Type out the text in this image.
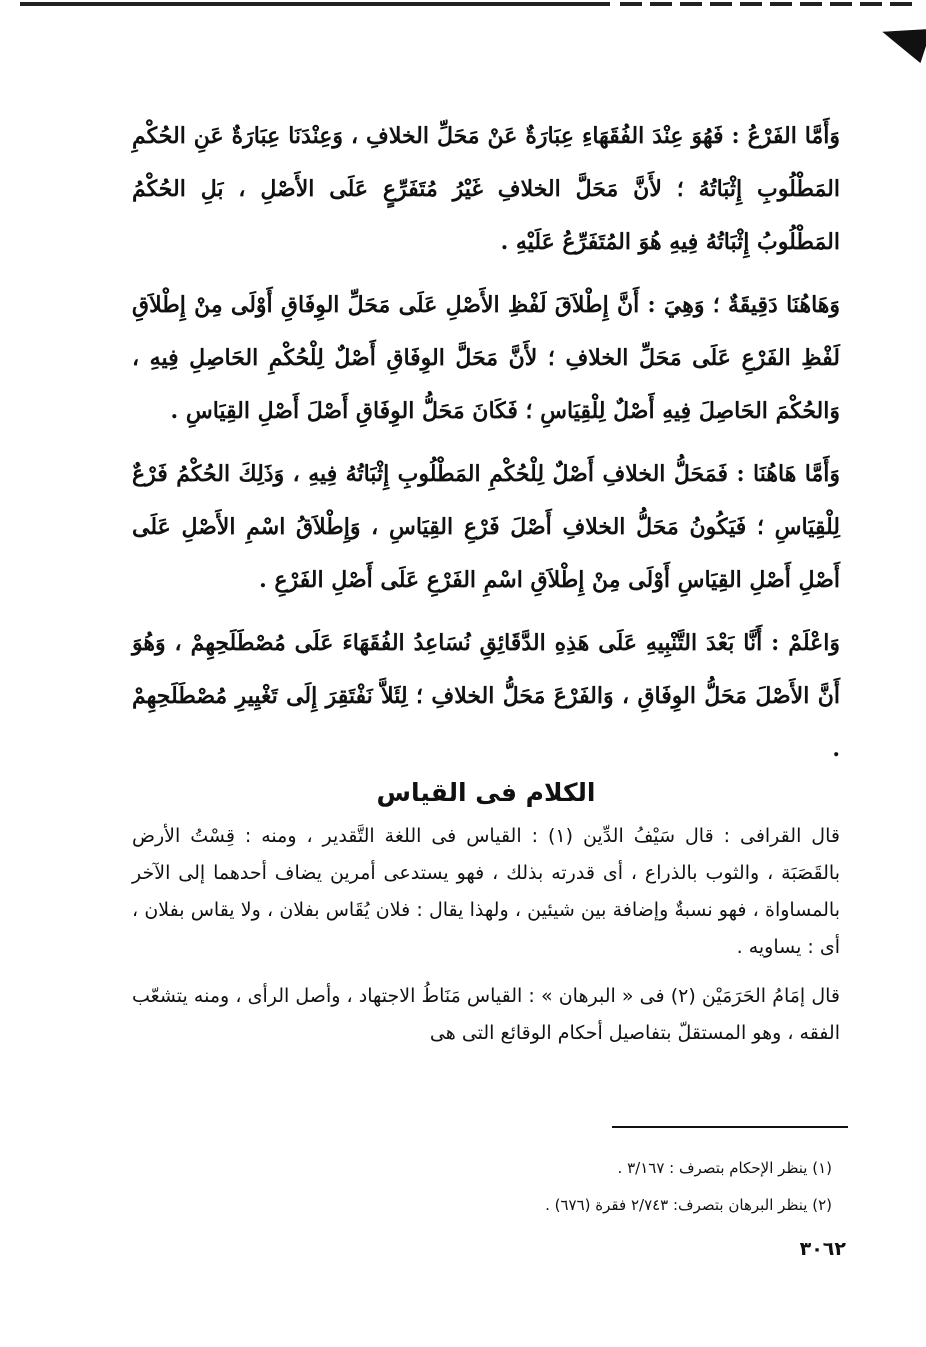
وَأَمَّا الفَرْعُ : فَهُوَ عِنْدَ الفُقَهَاءِ عِبَارَةٌ عَنْ مَحَلِّ الخلافِ ، وَعِنْدَنَا عِبَارَةٌ عَنِ الحُكْمِ المَطْلُوبِ إِثْبَاتُهُ ؛ لأَنَّ مَحَلَّ الخلافِ غَيْرُ مُتَفَرِّعٍ عَلَى الأَصْلِ ، بَلِ الحُكْمُ المَطْلُوبُ إِثْبَاتُهُ فِيهِ هُوَ المُتَفَرِّعُ عَلَيْهِ .

وَهَاهُنَا دَقِيقَةٌ ؛ وَهِيَ : أَنَّ إِطْلاَقَ لَفْظِ الأَصْلِ عَلَى مَحَلِّ الوِفَاقِ أَوْلَى مِنْ إِطْلاَقِ لَفْظِ الفَرْعِ عَلَى مَحَلِّ الخلافِ ؛ لأَنَّ مَحَلَّ الوِفَاقِ أَصْلٌ لِلْحُكْمِ الحَاصِلِ فِيهِ ، وَالحُكْمَ الحَاصِلَ فِيهِ أَصْلٌ لِلْقِيَاسِ ؛ فَكَانَ مَحَلُّ الوِفَاقِ أَصْلَ أَصْلِ القِيَاسِ .

وَأَمَّا هَاهُنَا : فَمَحَلُّ الخلافِ أَصْلٌ لِلْحُكْمِ المَطْلُوبِ إِثْبَاتُهُ فِيهِ ، وَذَلِكَ الحُكْمُ فَرْعٌ لِلْقِيَاسِ ؛ فَيَكُونُ مَحَلُّ الخلافِ أَصْلَ فَرْعِ القِيَاسِ ، وَإِطْلاَقُ اسْمِ الأَصْلِ عَلَى أَصْلِ أَصْلِ القِيَاسِ أَوْلَى مِنْ إِطْلاَقِ اسْمِ الفَرْعِ عَلَى أَصْلِ الفَرْعِ .

وَاعْلَمْ : أَنَّا بَعْدَ التَّنْبِيهِ عَلَى هَذِهِ الدَّقَائِقِ نُسَاعِدُ الفُقَهَاءَ عَلَى مُصْطَلَحِهِمْ ، وَهُوَ أَنَّ الأَصْلَ مَحَلُّ الوِفَاقِ ، وَالفَرْعَ مَحَلُّ الخلافِ ؛ لِئَلاَّ نَفْتَقِرَ إِلَى تَغْيِيرِ مُصْطَلَحِهِمْ .

الكلام فى القياس

قال القرافى : قال سَيْفُ الدِّين (١) : القياس فى اللغة التَّقدير ، ومنه : قِسْتُ الأرض بالقَصَبَة ، والثوب بالذراع ، أى قدرته بذلك ، فهو يستدعى أمرين يضاف أحدهما إلى الآخر بالمساواة ، فهو نسبةٌ وإضافة بين شيئين ، ولهذا يقال : فلان يُقَاس بفلان ، ولا يقاس بفلان ، أى : يساويه .

قال إمَامُ الحَرَمَيْن (٢) فى « البرهان » : القياس مَنَاطُ الاجتهاد ، وأصل الرأى ، ومنه يتشعّب الفقه ، وهو المستقلّ بتفاصيل أحكام الوقائع التى هى

(١) ينظر الإحكام بتصرف : ٣/١٦٧ .
(٢) ينظر البرهان بتصرف: ٢/٧٤٣ فقرة (٦٧٦) .
٣٠٦٢
